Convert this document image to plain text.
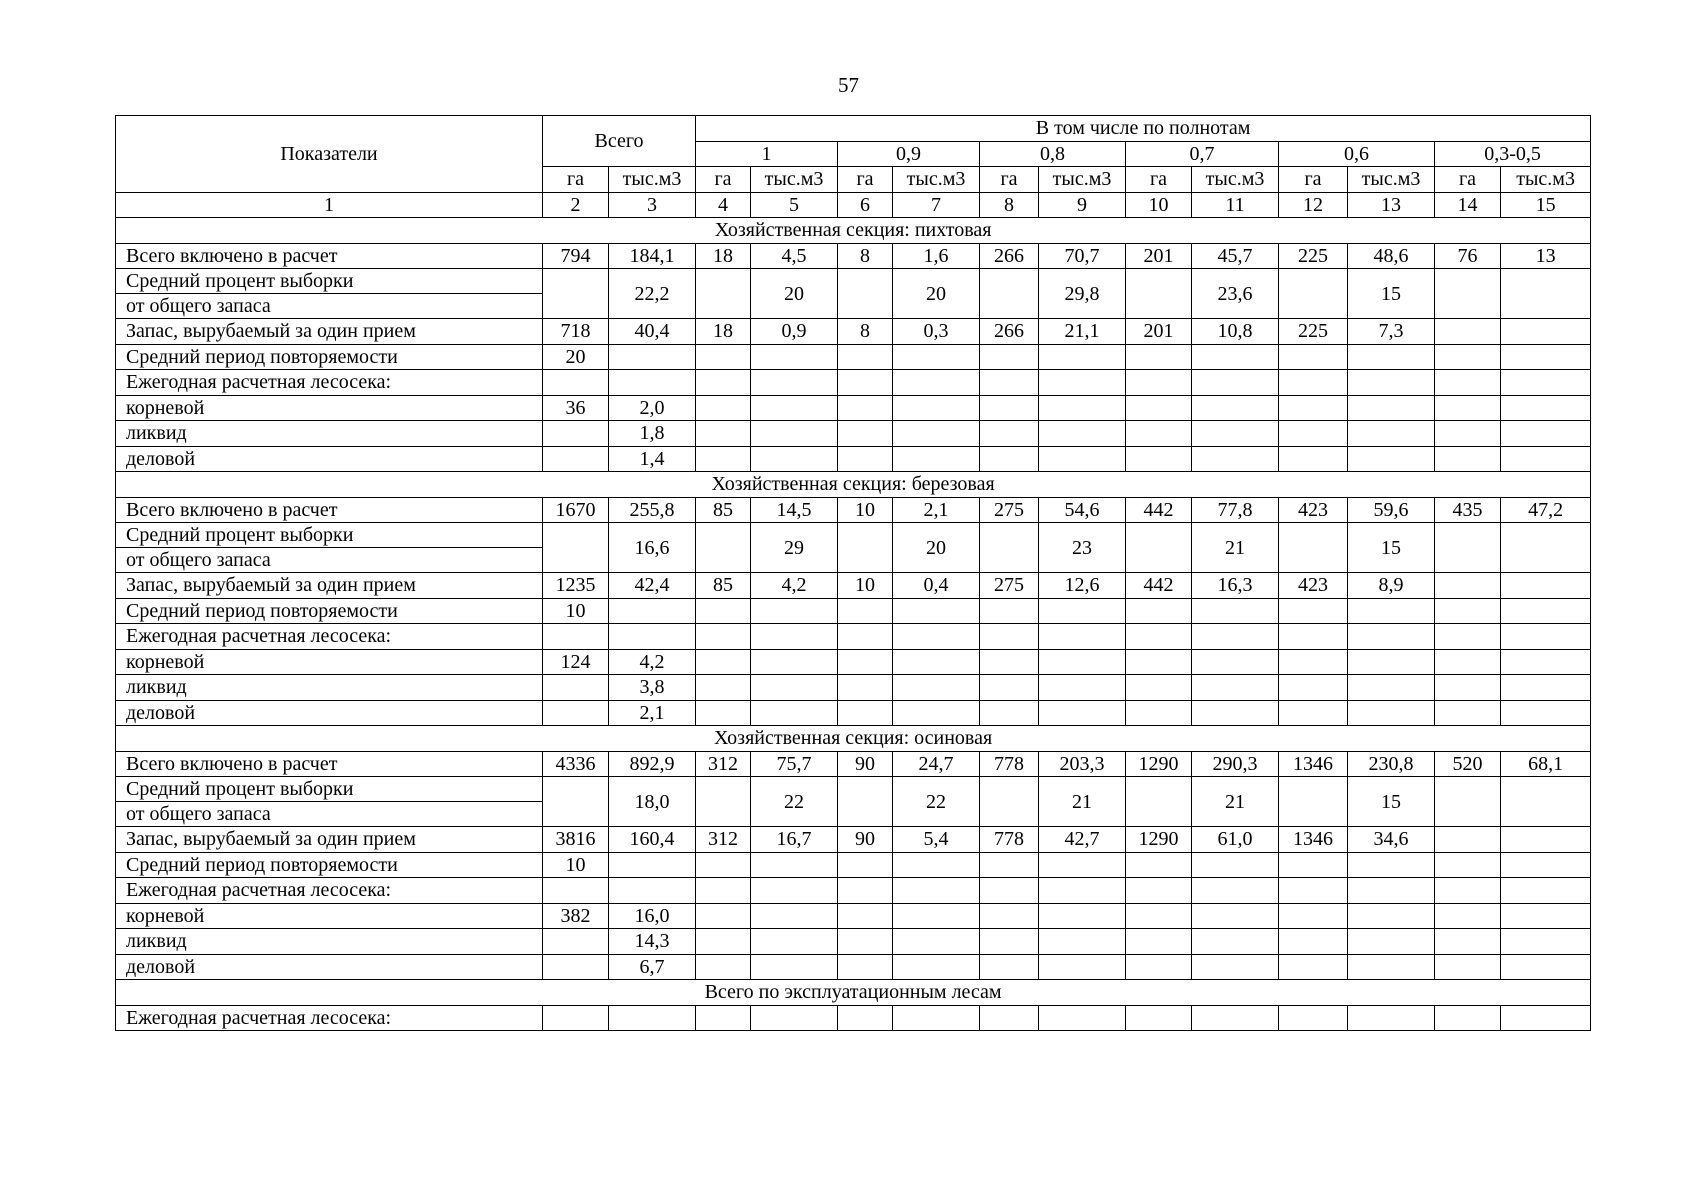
57
Показатели	Всего		В том числе по полнотам											
			1		0,9		0,8		0,7		0,6		0,3-0,5	
	га	тыс.м3	га	тыс.м3	га	тыс.м3	га	тыс.м3	га	тыс.м3	га	тыс.м3	га	тыс.м3
1	2	3	4	5	6	7	8	9	10	11	12	13	14	15
Хозяйственная секция: пихтовая														
Всего включено в расчет	794	184,1	18	4,5	8	1,6	266	70,7	201	45,7	225	48,6	76	13

Средний процент выборки
от общего запаса		22,2		20		20		29,8		23,6		15		
Запас, вырубаемый за один прием	718	40,4	18	0,9	8	0,3	266	21,1	201	10,8	225	7,3		
Средний период повторяемости	20													
Ежегодная расчетная лесосека:														
корневой	36	2,0												
ликвид		1,8												
деловой		1,4												
Хозяйственная секция: березовая														
Всего включено в расчет	1670	255,8	85	14,5	10	2,1	275	54,6	442	77,8	423	59,6	435	47,2

Средний процент выборки
от общего запаса		16,6		29		20		23		21		15		
Запас, вырубаемый за один прием	1235	42,4	85	4,2	10	0,4	275	12,6	442	16,3	423	8,9		
Средний период повторяемости	10													
Ежегодная расчетная лесосека:														
корневой	124	4,2												
ликвид		3,8												
деловой		2,1												
Хозяйственная секция: осиновая														
Всего включено в расчет	4336	892,9	312	75,7	90	24,7	778	203,3	1290	290,3	1346	230,8	520	68,1

Средний процент выборки
от общего запаса		18,0		22		22		21		21		15		
Запас, вырубаемый за один прием	3816	160,4	312	16,7	90	5,4	778	42,7	1290	61,0	1346	34,6		
Средний период повторяемости	10													
Ежегодная расчетная лесосека:														
корневой	382	16,0												
ликвид		14,3												
деловой		6,7												
Всего по эксплуатационным лесам														
Ежегодная расчетная лесосека:														
